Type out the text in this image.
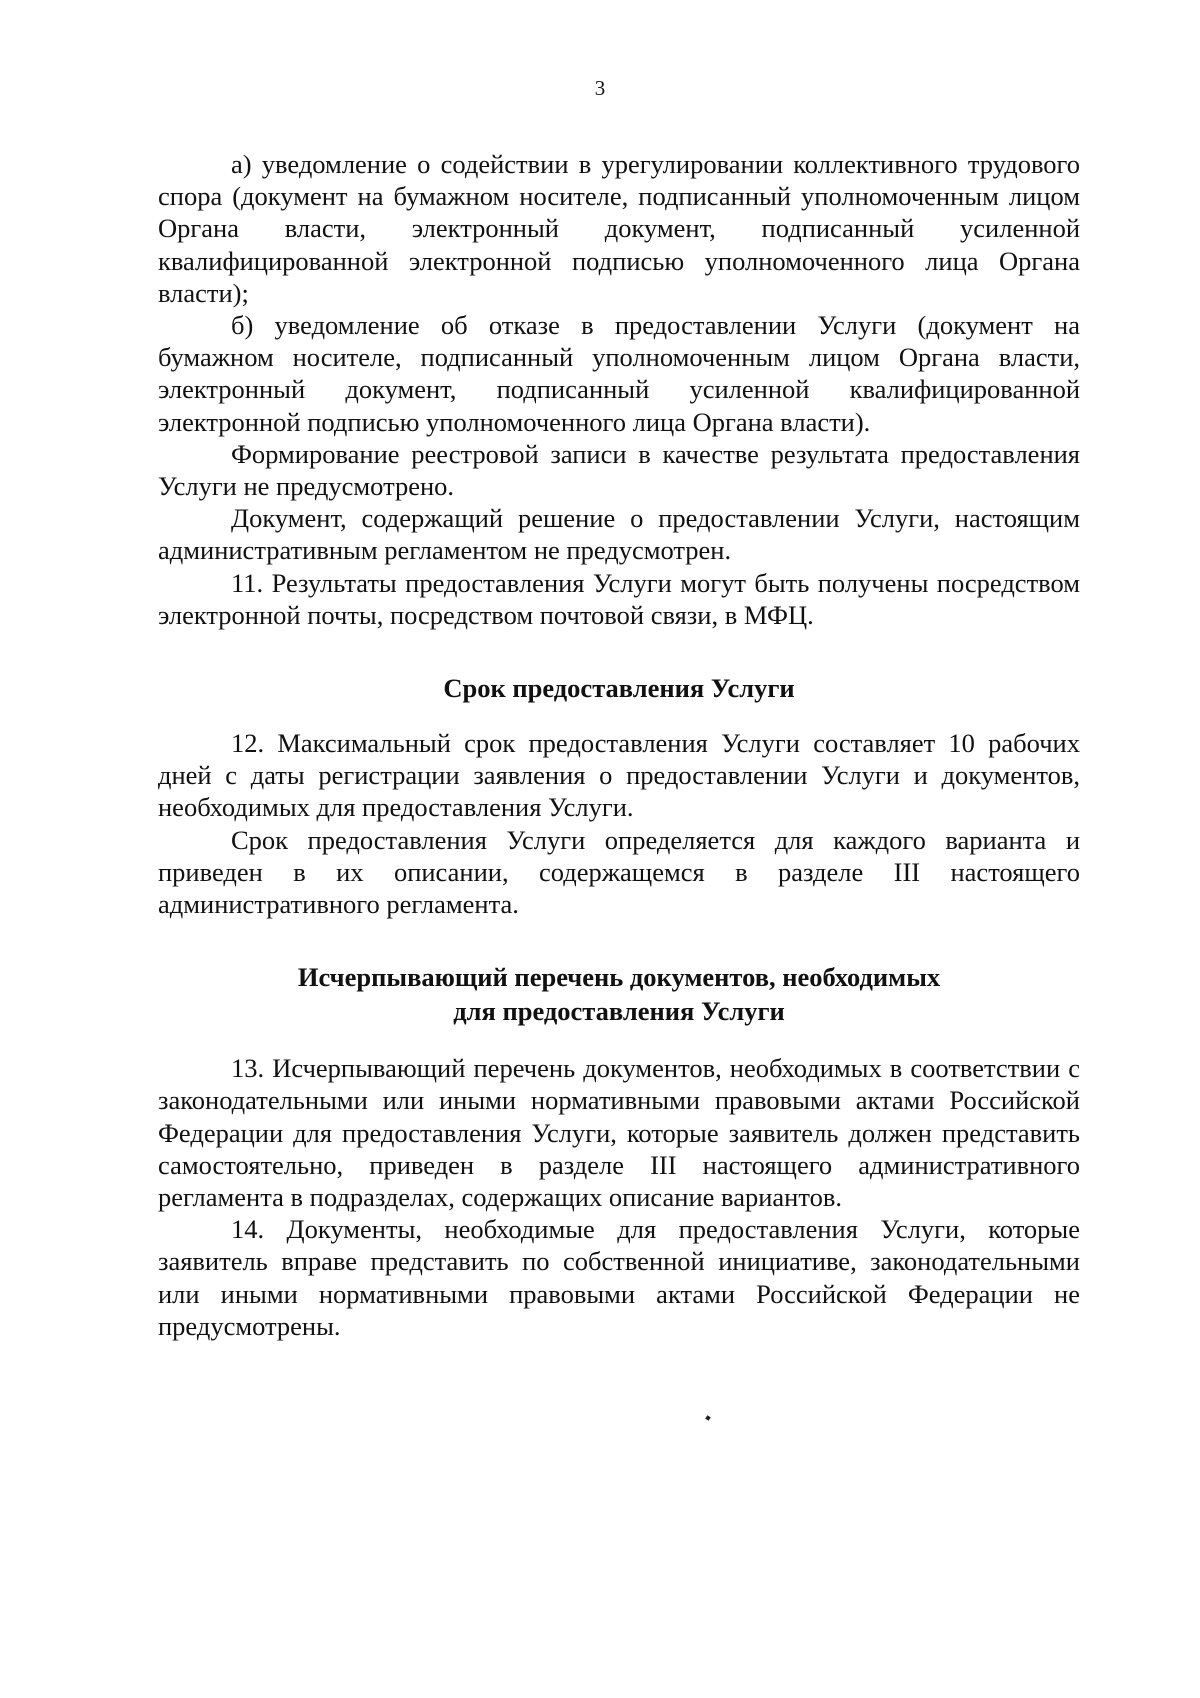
3

а) уведомление о содействии в урегулировании коллективного трудового спора (документ на бумажном носителе, подписанный уполномоченным лицом Органа власти, электронный документ, подписанный усиленной квалифицированной электронной подписью уполномоченного лица Органа власти);

б) уведомление об отказе в предоставлении Услуги (документ на бумажном носителе, подписанный уполномоченным лицом Органа власти, электронный документ, подписанный усиленной квалифицированной электронной подписью уполномоченного лица Органа власти).

Формирование реестровой записи в качестве результата предоставления Услуги не предусмотрено.

Документ, содержащий решение о предоставлении Услуги, настоящим административным регламентом не предусмотрен.

11. Результаты предоставления Услуги могут быть получены посредством электронной почты, посредством почтовой связи, в МФЦ.

Срок предоставления Услуги

12. Максимальный срок предоставления Услуги составляет 10 рабочих дней с даты регистрации заявления о предоставлении Услуги и документов, необходимых для предоставления Услуги.

Срок предоставления Услуги определяется для каждого варианта и приведен в их описании, содержащемся в разделе III настоящего административного регламента.

Исчерпывающий перечень документов, необходимых
для предоставления Услуги

13. Исчерпывающий перечень документов, необходимых в соответствии с законодательными или иными нормативными правовыми актами Российской Федерации для предоставления Услуги, которые заявитель должен представить самостоятельно, приведен в разделе III настоящего административного регламента в подразделах, содержащих описание вариантов.

14. Документы, необходимые для предоставления Услуги, которые заявитель вправе представить по собственной инициативе, законодательными или иными нормативными правовыми актами Российской Федерации не предусмотрены.
